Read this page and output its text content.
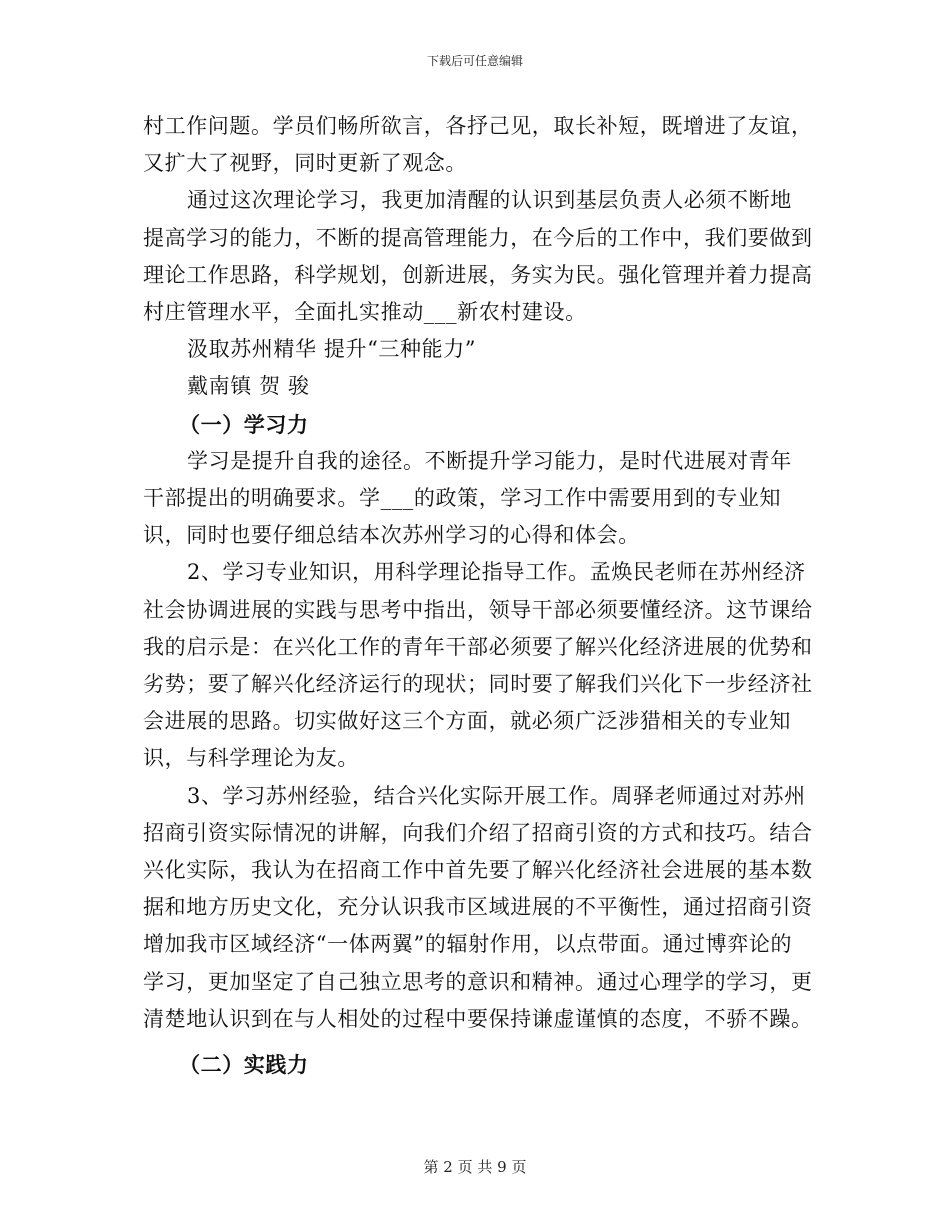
下载后可任意编辑

村工作问题。学员们畅所欲言，各抒己见，取长补短，既增进了友谊，又扩大了视野，同时更新了观念。

通过这次理论学习，我更加清醒的认识到基层负责人必须不断地提高学习的能力，不断的提高管理能力，在今后的工作中，我们要做到理论工作思路，科学规划，创新进展，务实为民。强化管理并着力提高村庄管理水平，全面扎实推动___新农村建设。

汲取苏州精华 提升“三种能力”

戴南镇 贺 骏

（一）学习力

学习是提升自我的途径。不断提升学习能力，是时代进展对青年干部提出的明确要求。学___的政策，学习工作中需要用到的专业知识，同时也要仔细总结本次苏州学习的心得和体会。

2、学习专业知识，用科学理论指导工作。孟焕民老师在苏州经济社会协调进展的实践与思考中指出，领导干部必须要懂经济。这节课给我的启示是：在兴化工作的青年干部必须要了解兴化经济进展的优势和劣势；要了解兴化经济运行的现状；同时要了解我们兴化下一步经济社会进展的思路。切实做好这三个方面，就必须广泛涉猎相关的专业知识，与科学理论为友。

3、学习苏州经验，结合兴化实际开展工作。周驿老师通过对苏州招商引资实际情况的讲解，向我们介绍了招商引资的方式和技巧。结合兴化实际，我认为在招商工作中首先要了解兴化经济社会进展的基本数据和地方历史文化，充分认识我市区域进展的不平衡性，通过招商引资增加我市区域经济“一体两翼”的辐射作用，以点带面。通过博弈论的学习，更加坚定了自己独立思考的意识和精神。通过心理学的学习，更清楚地认识到在与人相处的过程中要保持谦虚谨慎的态度，不骄不躁。

（二）实践力

第 2 页 共 9 页
